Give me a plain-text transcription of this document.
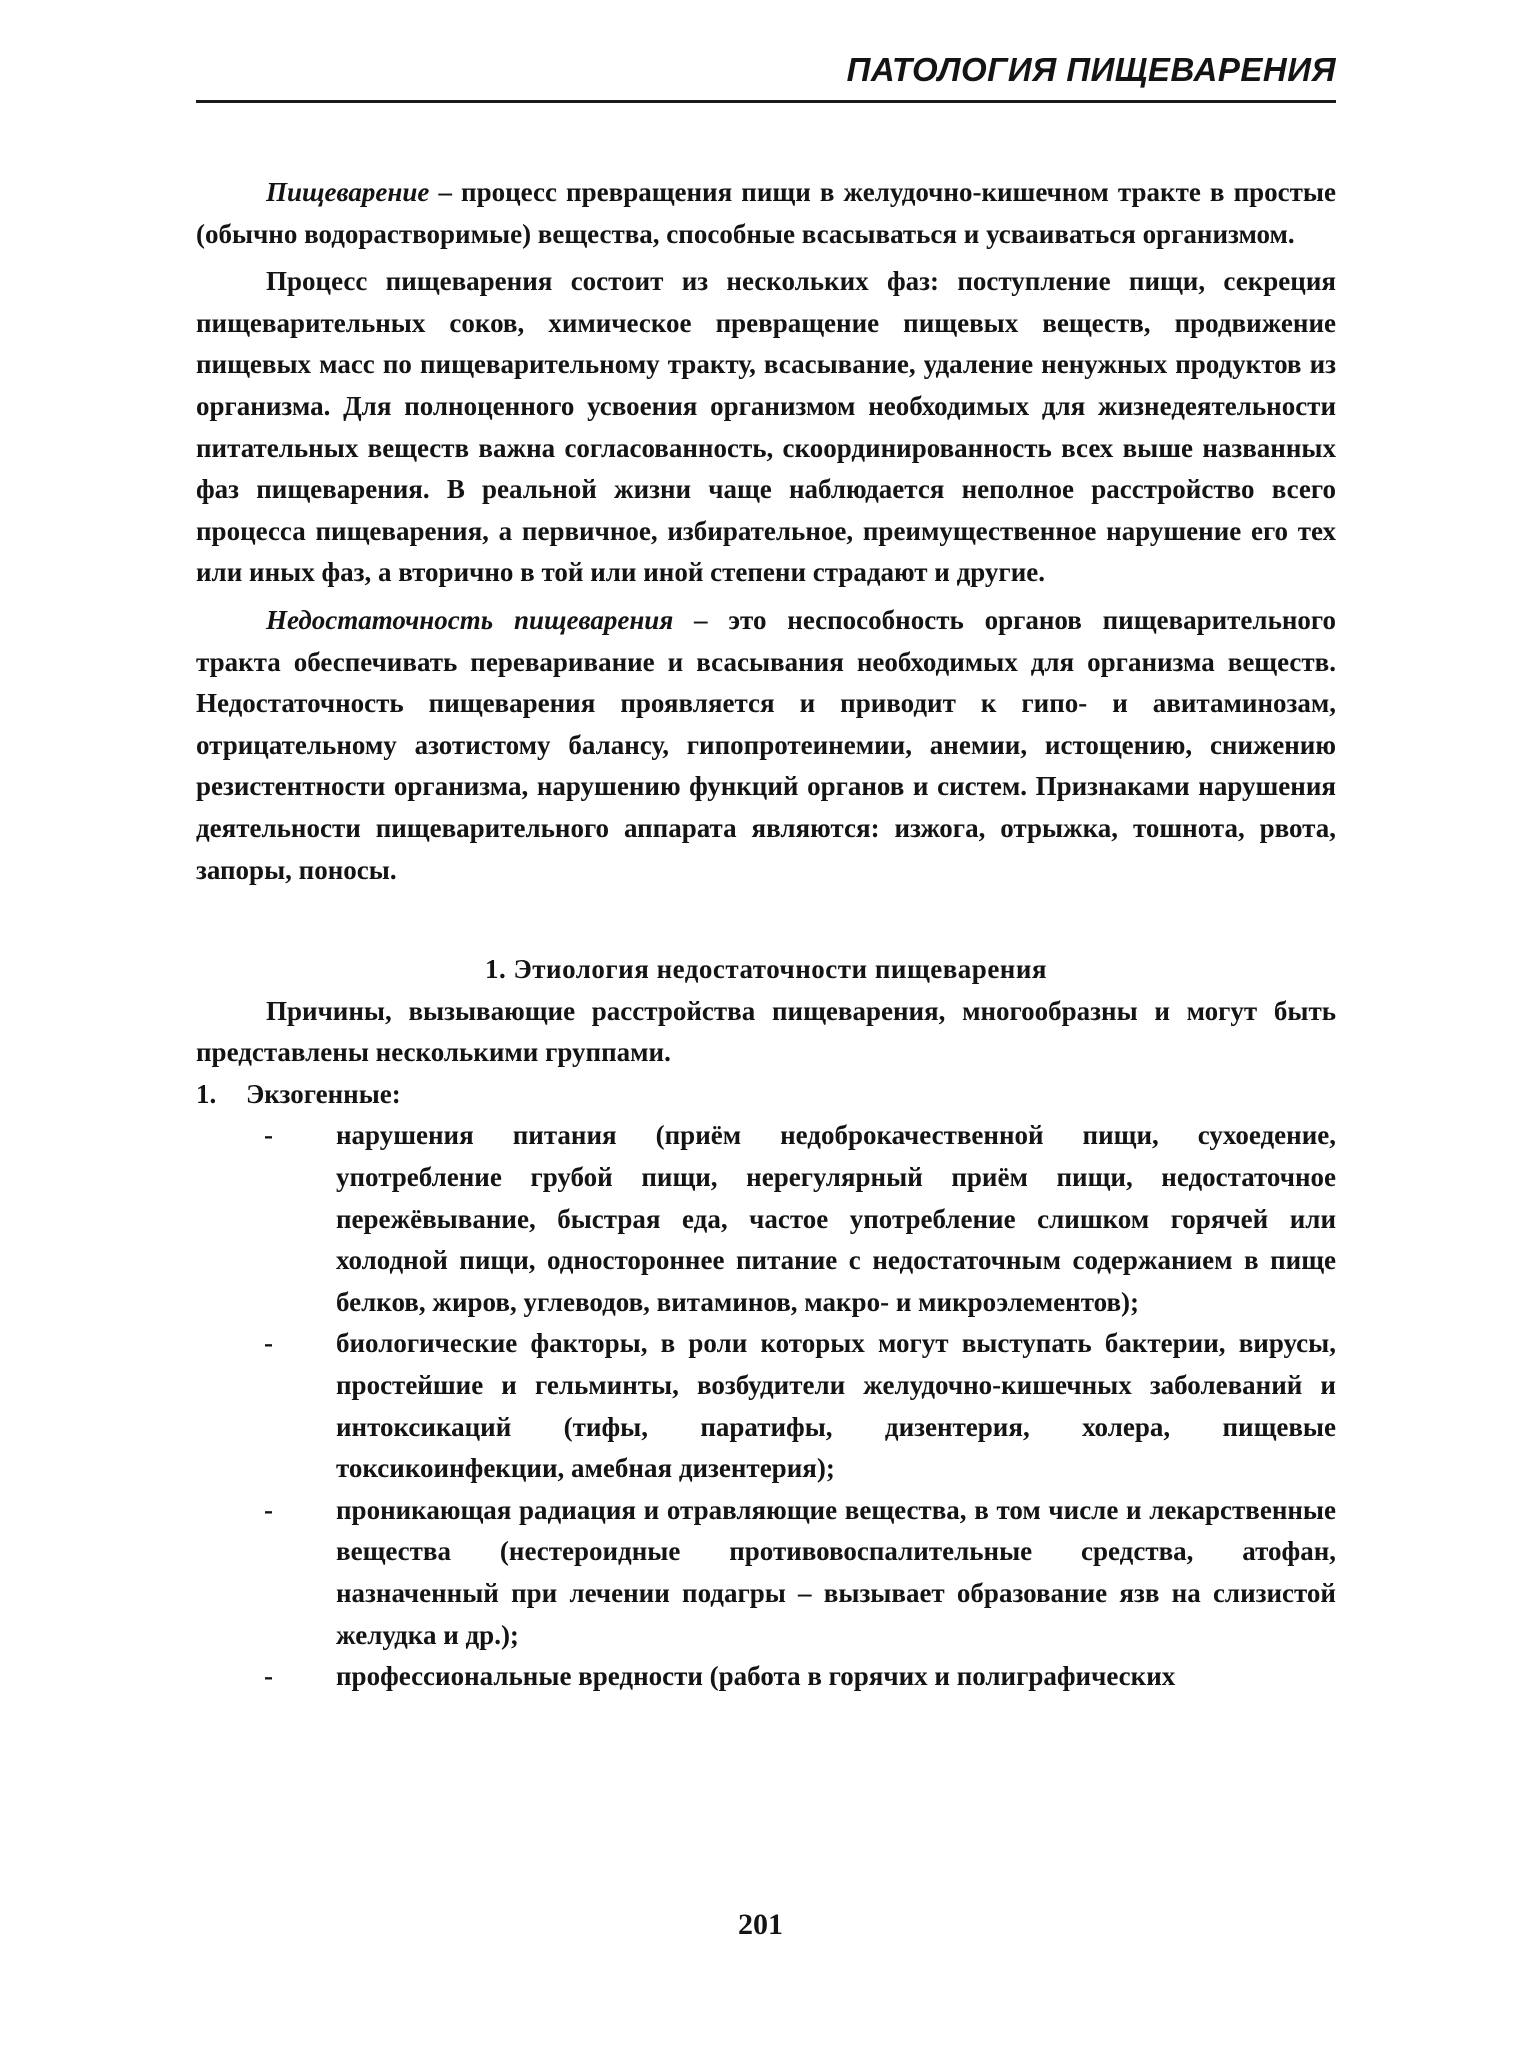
ПАТОЛОГИЯ ПИЩЕВАРЕНИЯ

Пищеварение – процесс превращения пищи в желудочно-кишечном тракте в простые (обычно водорастворимые) вещества, способные всасываться и усваиваться организмом.

Процесс пищеварения состоит из нескольких фаз: поступление пищи, секреция пищеварительных соков, химическое превращение пищевых веществ, продвижение пищевых масс по пищеварительному тракту, всасывание, удаление ненужных продуктов из организма. Для полноценного усвоения организмом необходимых для жизнедеятельности питательных веществ важна согласованность, скоординированность всех выше названных фаз пищеварения. В реальной жизни чаще наблюдается неполное расстройство всего процесса пищеварения, а первичное, избирательное, преимущественное нарушение его тех или иных фаз, а вторично в той или иной степени страдают и другие.

Недостаточность пищеварения – это неспособность органов пищеварительного тракта обеспечивать переваривание и всасывания необходимых для организма веществ. Недостаточность пищеварения проявляется и приводит к гипо- и авитаминозам, отрицательному азотистому балансу, гипопротеинемии, анемии, истощению, снижению резистентности организма, нарушению функций органов и систем. Признаками нарушения деятельности пищеварительного аппарата являются: изжога, отрыжка, тошнота, рвота, запоры, поносы.

1. Этиология недостаточности пищеварения

Причины, вызывающие расстройства пищеварения, многообразны и могут быть представлены несколькими группами.

1. Экзогенные:
- нарушения питания (приём недоброкачественной пищи, сухоедение, употребление грубой пищи, нерегулярный приём пищи, недостаточное пережёвывание, быстрая еда, частое употребление слишком горячей или холодной пищи, одностороннее питание с недостаточным содержанием в пище белков, жиров, углеводов, витаминов, макро- и микроэлементов);
- биологические факторы, в роли которых могут выступать бактерии, вирусы, простейшие и гельминты, возбудители желудочно-кишечных заболеваний и интоксикаций (тифы, паратифы, дизентерия, холера, пищевые токсикоинфекции, амебная дизентерия);
- проникающая радиация и отравляющие вещества, в том числе и лекарственные вещества (нестероидные противовоспалительные средства, атофан, назначенный при лечении подагры – вызывает образование язв на слизистой желудка и др.);
- профессиональные вредности (работа в горячих и полиграфических
201
